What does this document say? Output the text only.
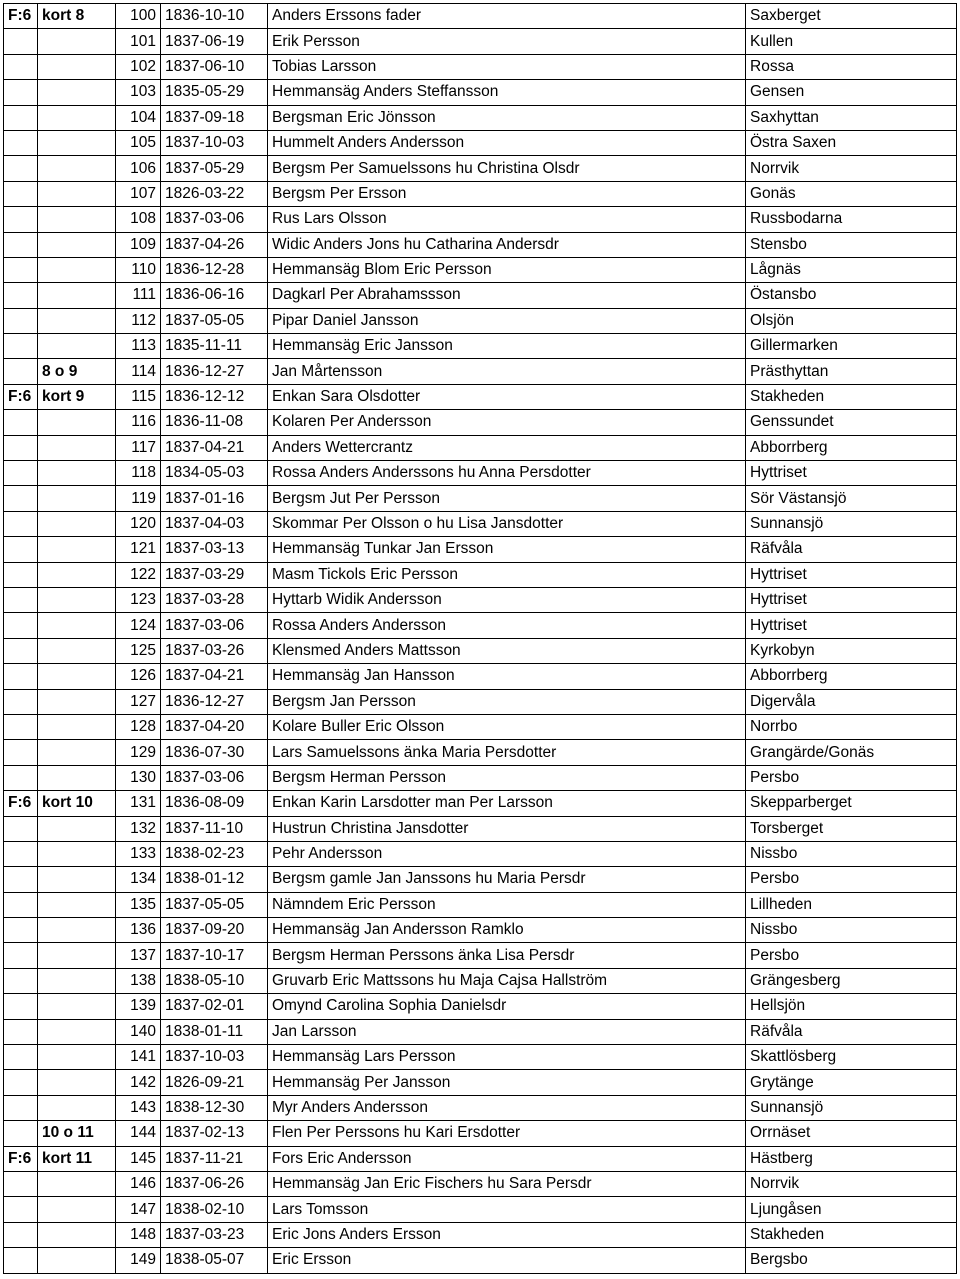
F:6	kort 8	100	1836-10-10	Anders Erssons fader	Saxberget
		101	1837-06-19	Erik Persson	Kullen
		102	1837-06-10	Tobias Larsson	Rossa
		103	1835-05-29	Hemmansäg Anders Steffansson	Gensen
		104	1837-09-18	Bergsman Eric Jönsson	Saxhyttan
		105	1837-10-03	Hummelt Anders Andersson	Östra Saxen
		106	1837-05-29	Bergsm Per Samuelssons hu Christina Olsdr	Norrvik
		107	1826-03-22	Bergsm Per Ersson	Gonäs
		108	1837-03-06	Rus Lars Olsson	Russbodarna
		109	1837-04-26	Widic Anders Jons hu Catharina Andersdr	Stensbo
		110	1836-12-28	Hemmansäg Blom Eric Persson	Lågnäs
		111	1836-06-16	Dagkarl Per Abrahamssson	Östansbo
		112	1837-05-05	Pipar Daniel Jansson	Olsjön
		113	1835-11-11	Hemmansäg Eric Jansson	Gillermarken
	8 o 9	114	1836-12-27	Jan Mårtensson	Prästhyttan
F:6	kort 9	115	1836-12-12	Enkan Sara Olsdotter	Stakheden
		116	1836-11-08	Kolaren Per Andersson	Genssundet
		117	1837-04-21	Anders Wettercrantz	Abborrberg
		118	1834-05-03	Rossa Anders Anderssons hu Anna Persdotter	Hyttriset
		119	1837-01-16	Bergsm Jut Per Persson	Sör Västansjö
		120	1837-04-03	Skommar Per Olsson o hu Lisa Jansdotter	Sunnansjö
		121	1837-03-13	Hemmansäg Tunkar Jan Ersson	Räfvåla
		122	1837-03-29	Masm Tickols Eric Persson	Hyttriset
		123	1837-03-28	Hyttarb Widik Andersson	Hyttriset
		124	1837-03-06	Rossa Anders Andersson	Hyttriset
		125	1837-03-26	Klensmed Anders Mattsson	Kyrkobyn
		126	1837-04-21	Hemmansäg Jan Hansson	Abborrberg
		127	1836-12-27	Bergsm Jan Persson	Digervåla
		128	1837-04-20	Kolare Buller Eric Olsson	Norrbo
		129	1836-07-30	Lars Samuelssons änka Maria Persdotter	Grangärde/Gonäs
		130	1837-03-06	Bergsm Herman Persson	Persbo
F:6	kort 10	131	1836-08-09	Enkan Karin Larsdotter man Per Larsson	Skepparberget
		132	1837-11-10	Hustrun Christina Jansdotter	Torsberget
		133	1838-02-23	Pehr Andersson	Nissbo
		134	1838-01-12	Bergsm gamle Jan Janssons hu Maria Persdr	Persbo
		135	1837-05-05	Nämndem Eric Persson	Lillheden
		136	1837-09-20	Hemmansäg Jan Andersson Ramklo	Nissbo
		137	1837-10-17	Bergsm Herman Perssons änka Lisa Persdr	Persbo
		138	1838-05-10	Gruvarb Eric Mattssons hu Maja Cajsa Hallström	Grängesberg
		139	1837-02-01	Omynd Carolina Sophia Danielsdr	Hellsjön
		140	1838-01-11	Jan Larsson	Räfvåla
		141	1837-10-03	Hemmansäg Lars Persson	Skattlösberg
		142	1826-09-21	Hemmansäg Per Jansson	Grytänge
		143	1838-12-30	Myr Anders Andersson	Sunnansjö
	10 o 11	144	1837-02-13	Flen Per Perssons hu Kari Ersdotter	Orrnäset
F:6	kort 11	145	1837-11-21	Fors Eric Andersson	Hästberg
		146	1837-06-26	Hemmansäg Jan Eric Fischers hu Sara Persdr	Norrvik
		147	1838-02-10	Lars Tomsson	Ljungåsen
		148	1837-03-23	Eric Jons Anders Ersson	Stakheden
		149	1838-05-07	Eric Ersson	Bergsbo
